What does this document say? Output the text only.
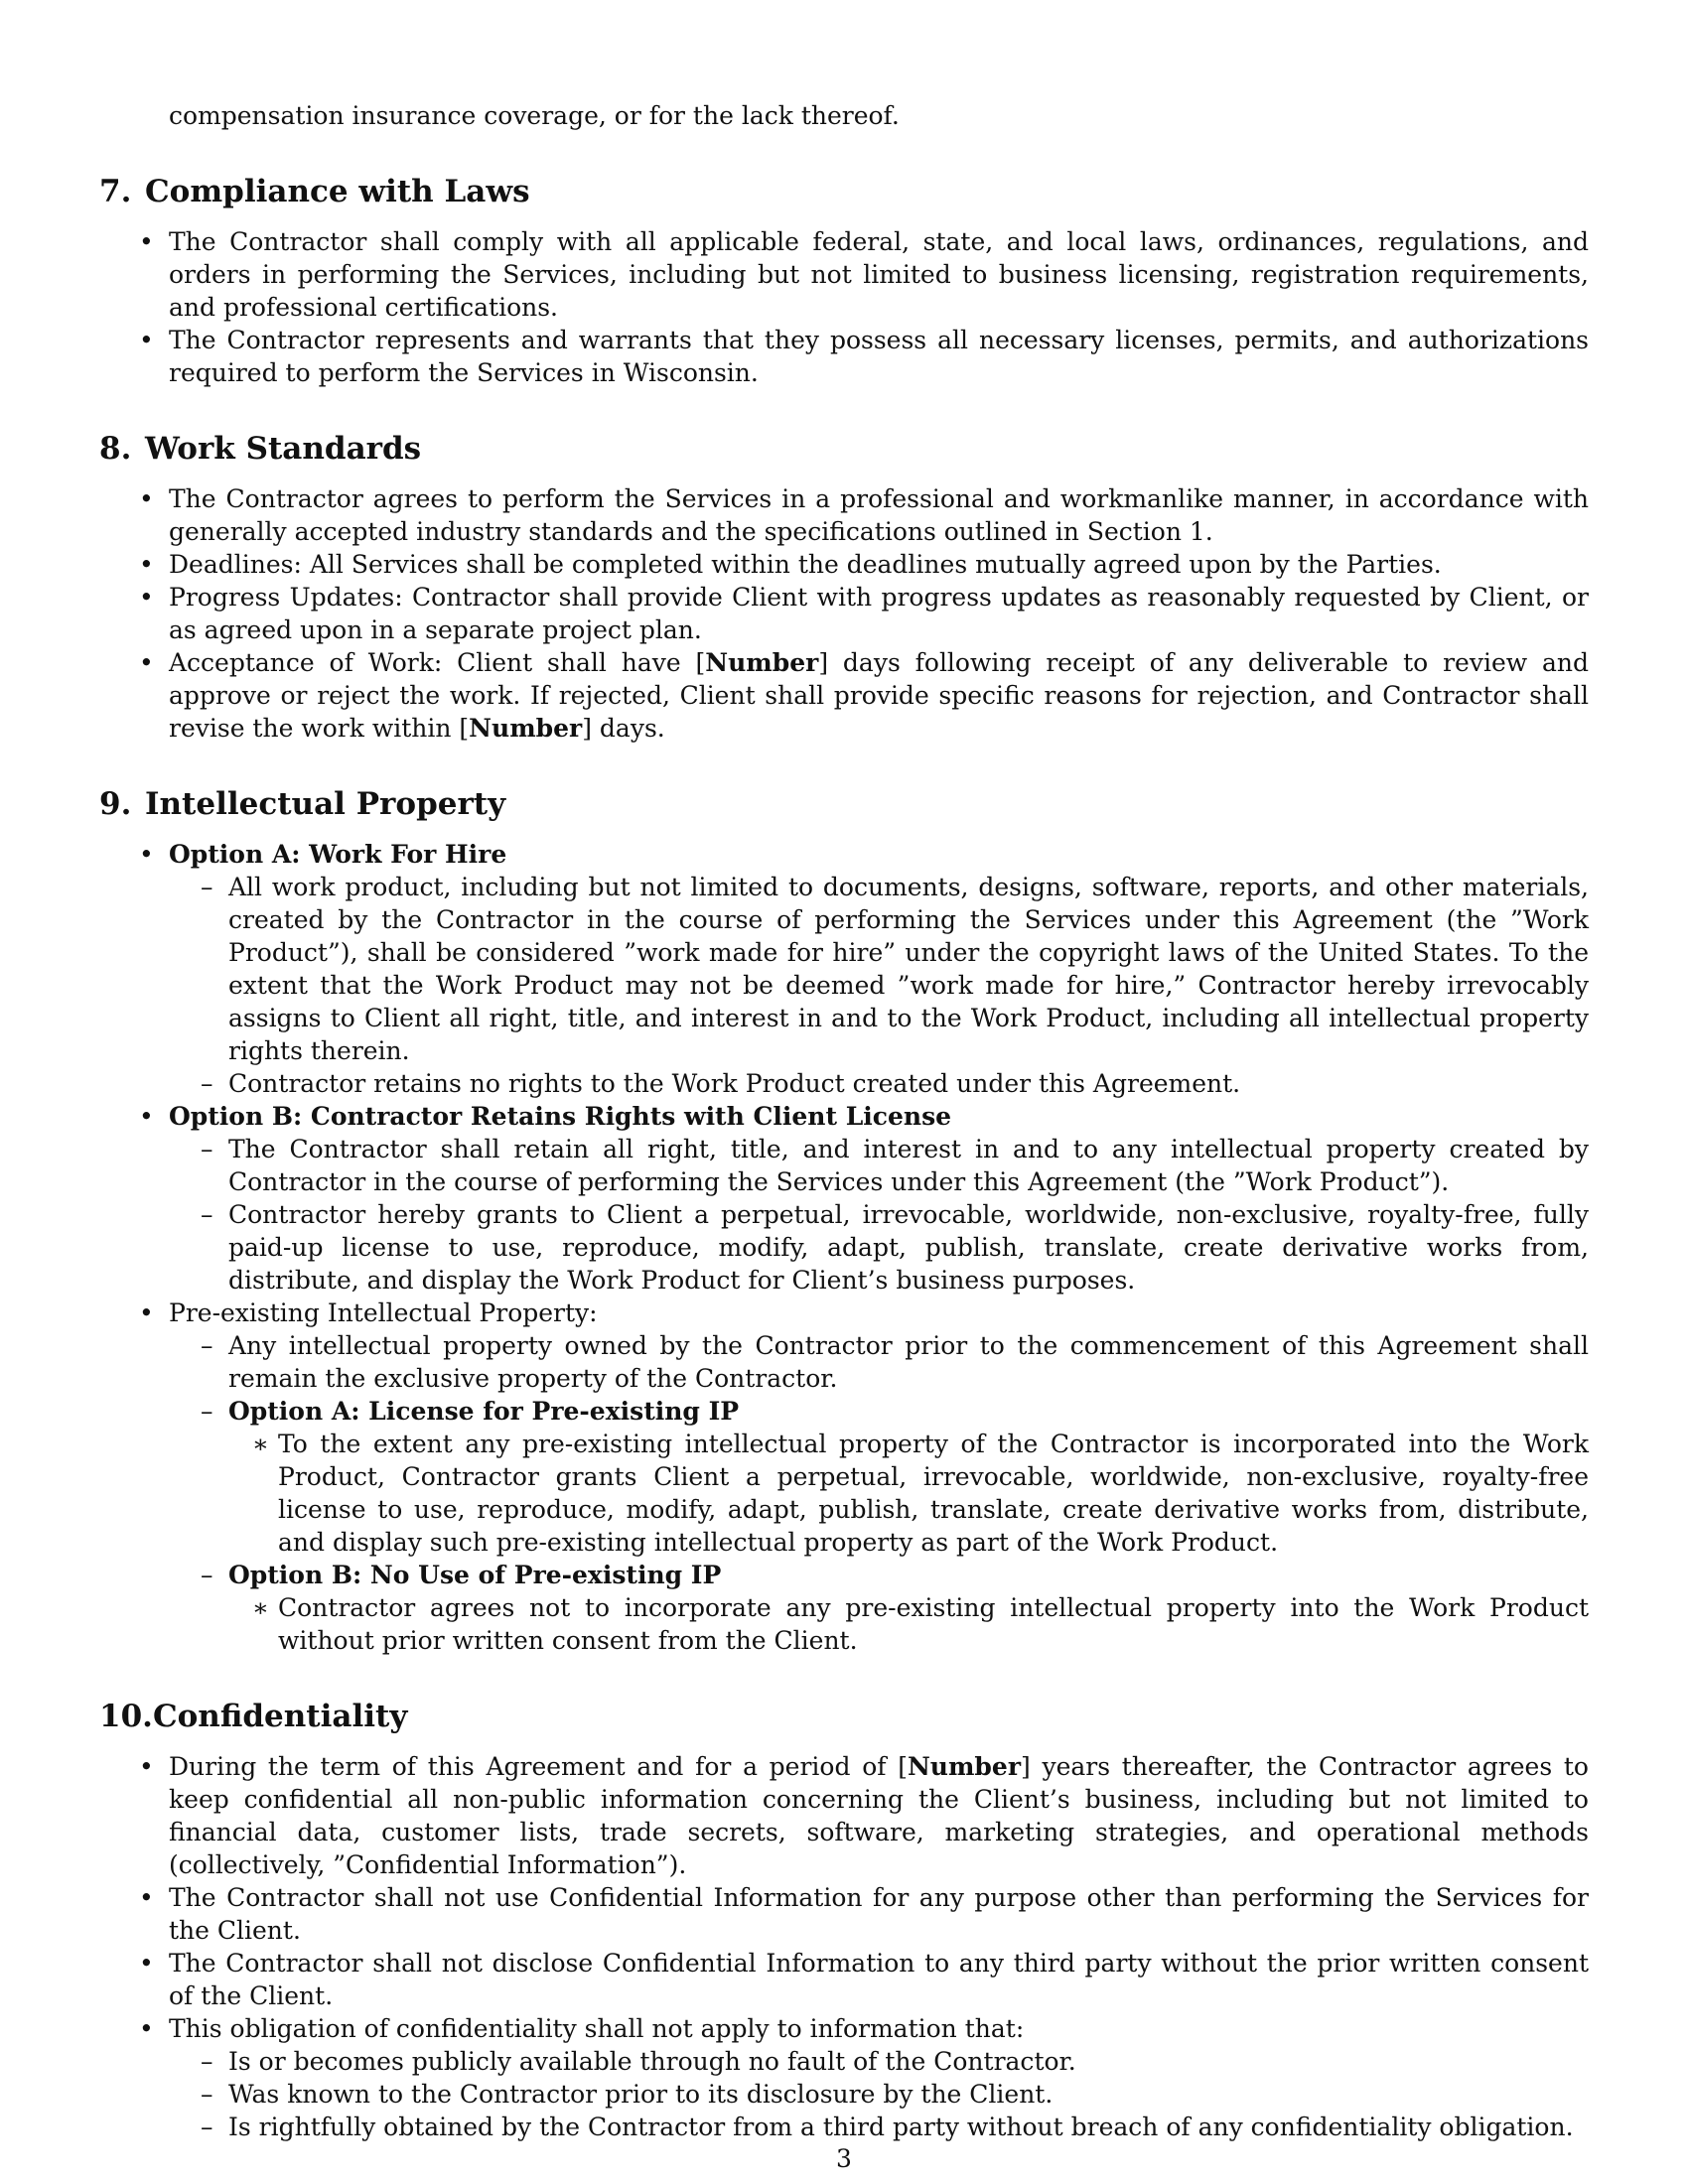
compensation insurance coverage, or for the lack thereof.

7. Compliance with Laws
• The Contractor shall comply with all applicable federal, state, and local laws, ordinances, regulations, and orders in performing the Services, including but not limited to business licensing, registration requirements, and professional certifications.
• The Contractor represents and warrants that they possess all necessary licenses, permits, and authorizations required to perform the Services in Wisconsin.
8. Work Standards
• The Contractor agrees to perform the Services in a professional and workmanlike manner, in accordance with generally accepted industry standards and the specifications outlined in Section 1.
• Deadlines: All Services shall be completed within the deadlines mutually agreed upon by the Parties.
• Progress Updates: Contractor shall provide Client with progress updates as reasonably requested by Client, or as agreed upon in a separate project plan.
• Acceptance of Work: Client shall have [Number] days following receipt of any deliverable to review and approve or reject the work. If rejected, Client shall provide specific reasons for rejection, and Contractor shall revise the work within [Number] days.
9. Intellectual Property
• Option A: Work For Hire
– All work product, including but not limited to documents, designs, software, reports, and other materials, created by the Contractor in the course of performing the Services under this Agreement (the ”Work Product”), shall be considered ”work made for hire” under the copyright laws of the United States. To the extent that the Work Product may not be deemed ”work made for hire,” Contractor hereby irrevocably assigns to Client all right, title, and interest in and to the Work Product, including all intellectual property rights therein.
– Contractor retains no rights to the Work Product created under this Agreement.
• Option B: Contractor Retains Rights with Client License
– The Contractor shall retain all right, title, and interest in and to any intellectual property created by Contractor in the course of performing the Services under this Agreement (the ”Work Product”).
– Contractor hereby grants to Client a perpetual, irrevocable, worldwide, non-exclusive, royalty-free, fully paid-up license to use, reproduce, modify, adapt, publish, translate, create derivative works from, distribute, and display the Work Product for Client’s business purposes.
• Pre-existing Intellectual Property:
– Any intellectual property owned by the Contractor prior to the commencement of this Agreement shall remain the exclusive property of the Contractor.
– Option A: License for Pre-existing IP
∗ To the extent any pre-existing intellectual property of the Contractor is incorporated into the Work Product, Contractor grants Client a perpetual, irrevocable, worldwide, non-exclusive, royalty-free license to use, reproduce, modify, adapt, publish, translate, create derivative works from, distribute, and display such pre-existing intellectual property as part of the Work Product.
– Option B: No Use of Pre-existing IP
∗ Contractor agrees not to incorporate any pre-existing intellectual property into the Work Product without prior written consent from the Client.
10.Confidentiality
• During the term of this Agreement and for a period of [Number] years thereafter, the Contractor agrees to keep confidential all non-public information concerning the Client’s business, including but not limited to financial data, customer lists, trade secrets, software, marketing strategies, and operational methods (collectively, ”Confidential Information”).
• The Contractor shall not use Confidential Information for any purpose other than performing the Services for the Client.
• The Contractor shall not disclose Confidential Information to any third party without the prior written consent of the Client.
• This obligation of confidentiality shall not apply to information that:
– Is or becomes publicly available through no fault of the Contractor.
– Was known to the Contractor prior to its disclosure by the Client.
– Is rightfully obtained by the Contractor from a third party without breach of any confidentiality obligation.
3
